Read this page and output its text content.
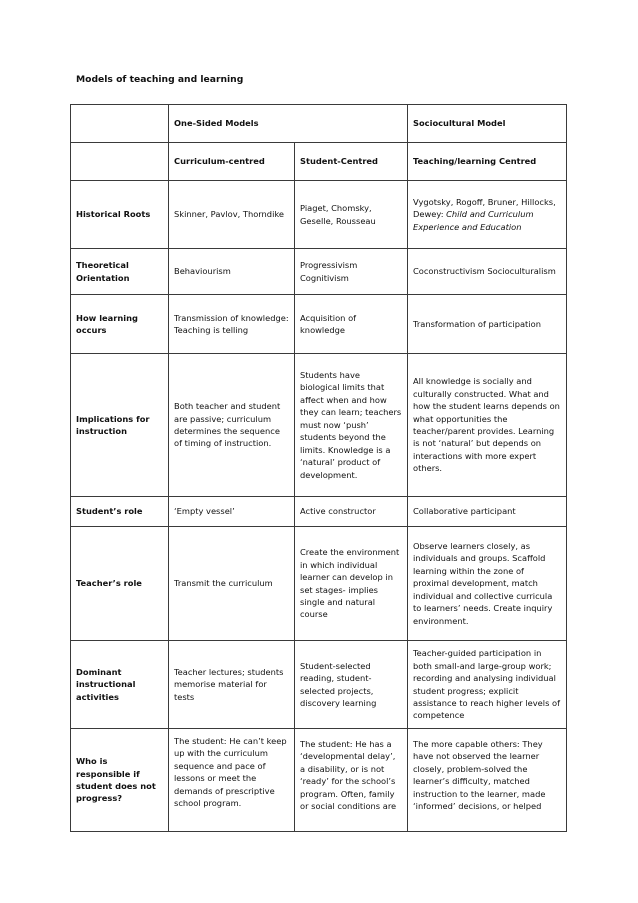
Models of teaching and learning
	One-Sided Models		Sociocultural Model
	Curriculum-centred	Student-Centred	Teaching/learning Centred
Historical Roots	Skinner, Pavlov, Thorndike	Piaget, Chomsky, Geselle, Rousseau	Vygotsky, Rogoff, Bruner, Hillocks, Dewey: Child and Curriculum Experience and Education
Theoretical Orientation	Behaviourism	Progressivism Cognitivism	Coconstructivism Socioculturalism
How learning occurs	Transmission of knowledge: Teaching is telling	Acquisition of knowledge	Transformation of participation
Implications for instruction	Both teacher and student are passive; curriculum determines the sequence of timing of instruction.	Students have biological limits that affect when and how they can learn; teachers must now ‘push’ students beyond the limits. Knowledge is a ‘natural’ product of development.	All knowledge is socially and culturally constructed. What and how the student learns depends on what opportunities the teacher/parent provides. Learning is not ‘natural’ but depends on interactions with more expert others.
Student’s role	‘Empty vessel’	Active constructor	Collaborative participant
Teacher’s role	Transmit the curriculum	Create the environment in which individual learner can develop in set stages- implies single and natural course	Observe learners closely, as individuals and groups. Scaffold learning within the zone of proximal development, match individual and collective curricula to learners’ needs. Create inquiry environment.
Dominant instructional activities	Teacher lectures; students memorise material for tests	Student-selected reading, student-selected projects, discovery learning	Teacher-guided participation in both small-and large-group work; recording and analysing individual student progress; explicit assistance to reach higher levels of competence
Who is responsible if student does not progress?	The student: He can’t keep up with the curriculum sequence and pace of lessons or meet the demands of prescriptive school program.	The student: He has a ‘developmental delay’, a disability, or is not ‘ready’ for the school’s program. Often, family or social conditions are	The more capable others: They have not observed the learner closely, problem-solved the learner’s difficulty, matched instruction to the learner, made ‘informed’ decisions, or helped
